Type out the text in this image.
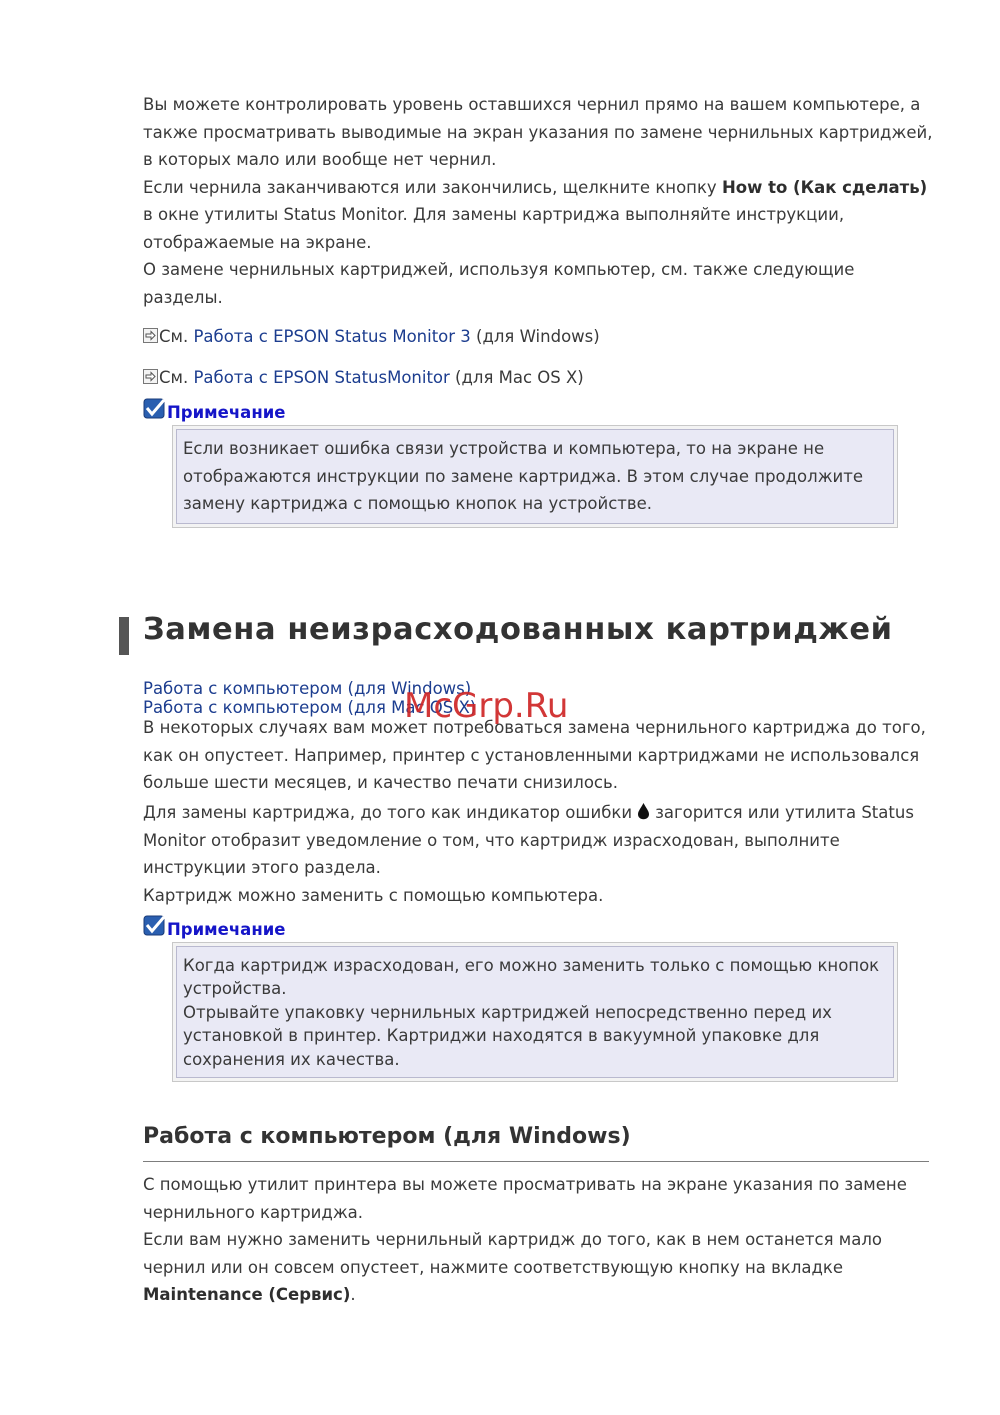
Вы можете контролировать уровень оставшихся чернил прямо на вашем компьютере, а также просматривать выводимые на экран указания по замене чернильных картриджей, в которых мало или вообще нет чернил.
Если чернила заканчиваются или закончились, щелкните кнопку How to (Как сделать) в окне утилиты Status Monitor. Для замены картриджа выполняйте инструкции, отображаемые на экране.
О замене чернильных картриджей, используя компьютер, см. также следующие разделы.
См. Работа с EPSON Status Monitor 3 (для Windows)
См. Работа с EPSON StatusMonitor (для Mac OS X)
Примечание
Если возникает ошибка связи устройства и компьютера, то на экране не отображаются инструкции по замене картриджа. В этом случае продолжите замену картриджа с помощью кнопок на устройстве.
Замена неизрасходованных картриджей
Работа с компьютером (для Windows)
Работа с компьютером (для Mac OS X)
McGrp.Ru
В некоторых случаях вам может потребоваться замена чернильного картриджа до того, как он опустеет. Например, принтер с установленными картриджами не использовался больше шести месяцев, и качество печати снизилось.
Для замены картриджа, до того как индикатор ошибки загорится или утилита Status Monitor отобразит уведомление о том, что картридж израсходован, выполните инструкции этого раздела.
Картридж можно заменить с помощью компьютера.
Примечание
Когда картридж израсходован, его можно заменить только с помощью кнопок устройства.
Отрывайте упаковку чернильных картриджей непосредственно перед их установкой в принтер. Картриджи находятся в вакуумной упаковке для сохранения их качества.
Работа с компьютером (для Windows)
С помощью утилит принтера вы можете просматривать на экране указания по замене чернильного картриджа.
Если вам нужно заменить чернильный картридж до того, как в нем останется мало чернил или он совсем опустеет, нажмите соответствующую кнопку на вкладке Maintenance (Сервис).
